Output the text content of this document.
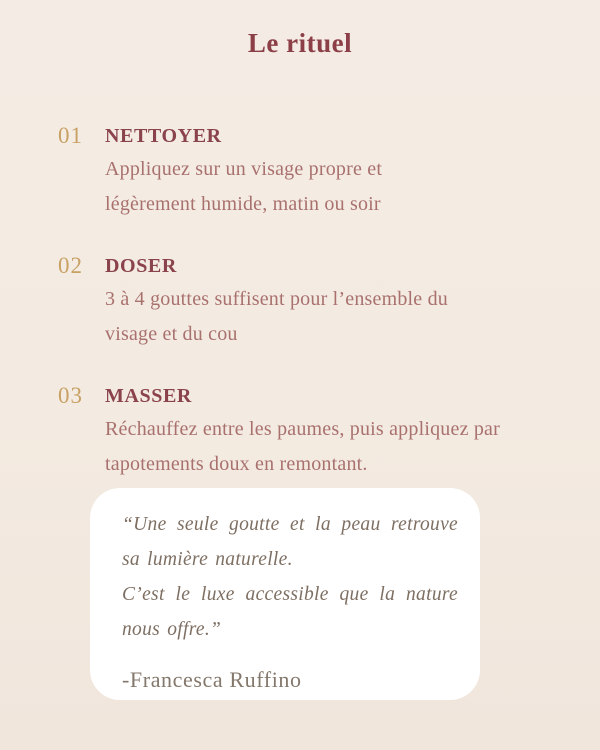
Le rituel
01	NETTOYER
Appliquez sur un visage propre et
légèrement humide, matin ou soir
02	DOSER
3 à 4 gouttes suffisent pour l’ensemble du
visage et du cou
03	MASSER
Réchauffez entre les paumes, puis appliquez par
tapotements doux en remontant.
“Une seule goutte et la peau retrouve
sa lumière naturelle.
C’est le luxe accessible que la nature
nous offre.”
-Francesca Ruffino
